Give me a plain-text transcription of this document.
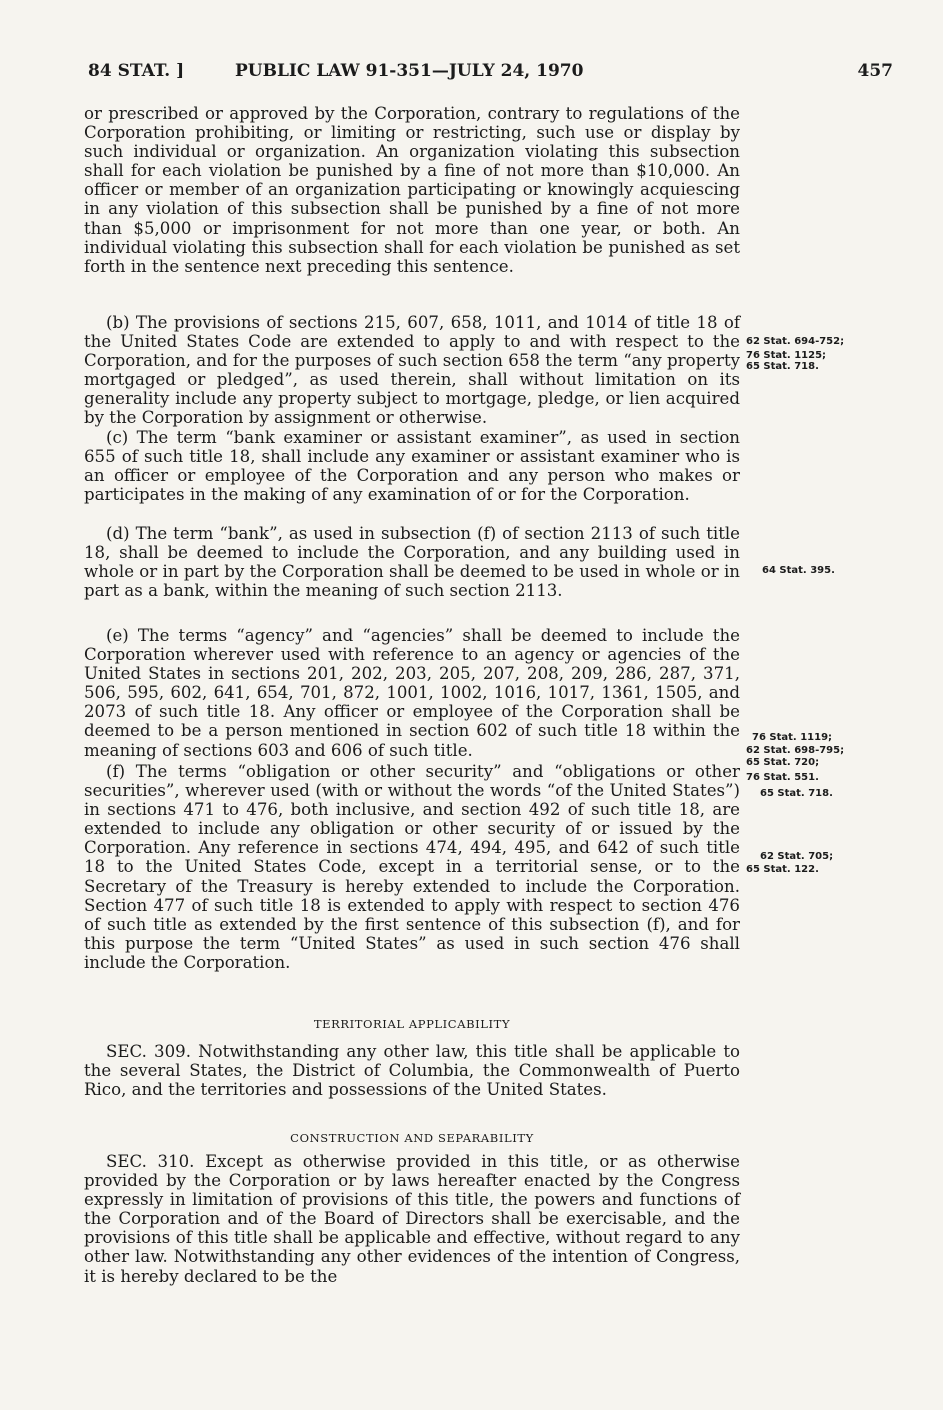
84 STAT. ]	PUBLIC LAW 91-351—JULY 24, 1970	457

or prescribed or approved by the Corporation, contrary to regulations of the Corporation prohibiting, or limiting or restricting, such use or display by such individual or organization. An organization violating this subsection shall for each violation be punished by a fine of not more than $10,000. An officer or member of an organization participating or knowingly acquiescing in any violation of this subsection shall be punished by a fine of not more than $5,000 or imprisonment for not more than one year, or both. An individual violating this subsection shall for each violation be punished as set forth in the sentence next preceding this sentence.

(b) The provisions of sections 215, 607, 658, 1011, and 1014 of title 18 of the United States Code are extended to apply to and with respect to the Corporation, and for the purposes of such section 658 the term “any property mortgaged or pledged”, as used therein, shall without limitation on its generality include any property subject to mortgage, pledge, or lien acquired by the Corporation by assignment or otherwise.

(c) The term “bank examiner or assistant examiner”, as used in section 655 of such title 18, shall include any examiner or assistant examiner who is an officer or employee of the Corporation and any person who makes or participates in the making of any examination of or for the Corporation.

(d) The term “bank”, as used in subsection (f) of section 2113 of such title 18, shall be deemed to include the Corporation, and any building used in whole or in part by the Corporation shall be deemed to be used in whole or in part as a bank, within the meaning of such section 2113.

(e) The terms “agency” and “agencies” shall be deemed to include the Corporation wherever used with reference to an agency or agencies of the United States in sections 201, 202, 203, 205, 207, 208, 209, 286, 287, 371, 506, 595, 602, 641, 654, 701, 872, 1001, 1002, 1016, 1017, 1361, 1505, and 2073 of such title 18. Any officer or employee of the Corporation shall be deemed to be a person mentioned in section 602 of such title 18 within the meaning of sections 603 and 606 of such title.

(f) The terms “obligation or other security” and “obligations or other securities”, wherever used (with or without the words “of the United States”) in sections 471 to 476, both inclusive, and section 492 of such title 18, are extended to include any obligation or other security of or issued by the Corporation. Any reference in sections 474, 494, 495, and 642 of such title 18 to the United States Code, except in a territorial sense, or to the Secretary of the Treasury is hereby extended to include the Corporation. Section 477 of such title 18 is extended to apply with respect to section 476 of such title as extended by the first sentence of this subsection (f), and for this purpose the term “United States” as used in such section 476 shall include the Corporation.

TERRITORIAL APPLICABILITY

SEC. 309. Notwithstanding any other law, this title shall be applicable to the several States, the District of Columbia, the Commonwealth of Puerto Rico, and the territories and possessions of the United States.

CONSTRUCTION AND SEPARABILITY

SEC. 310. Except as otherwise provided in this title, or as otherwise provided by the Corporation or by laws hereafter enacted by the Congress expressly in limitation of provisions of this title, the powers and functions of the Corporation and of the Board of Directors shall be exercisable, and the provisions of this title shall be applicable and effective, without regard to any other law. Notwithstanding any other evidences of the intention of Congress, it is hereby declared to be the

62 Stat. 694-752;
76 Stat. 1125;
65 Stat. 718.
64 Stat. 395.
76 Stat. 1119;
62 Stat. 698-795;
65 Stat. 720;
76 Stat. 551.
65 Stat. 718.
62 Stat. 705;
65 Stat. 122.
